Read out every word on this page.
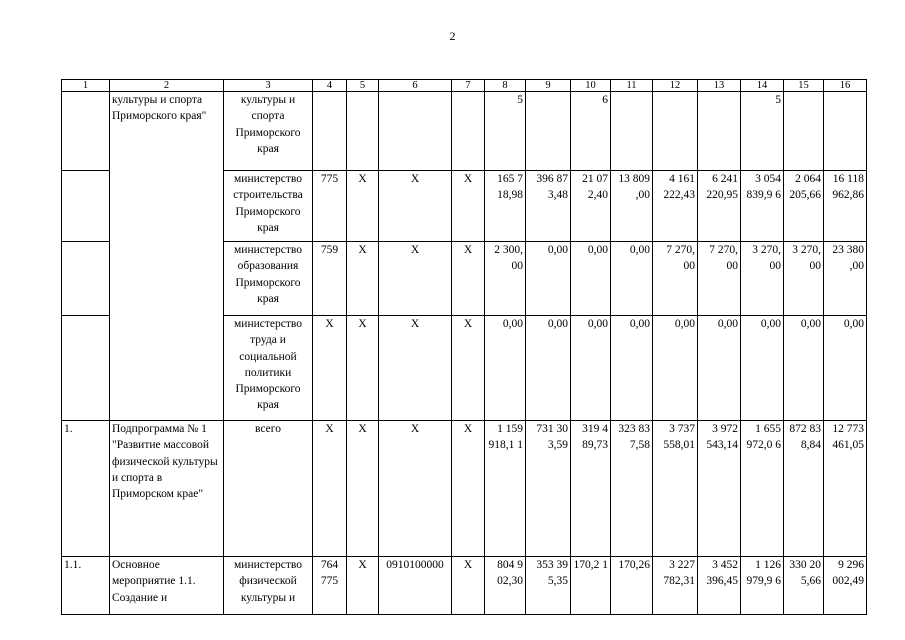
2
1	2	3	4	5	6	7	8	9	10	11	12	13	14	15	16
	культуры и спорта Приморского края"	культуры и спорта Приморского края					5		6				5		
		министерство строительства Приморского края	775	Х	Х	Х	165 7 18,98	396 87 3,48	21 07 2,40	13 809 ,00	4 161 222,43	6 241 220,95	3 054 839,9 6	2 064 205,66	16 118 962,86
		министерство образования Приморского края	759	Х	Х	Х	2 300, 00	0,00	0,00	0,00	7 270, 00	7 270, 00	3 270, 00	3 270, 00	23 380 ,00
		министерство труда и социальной политики Приморского края	Х	Х	Х	Х	0,00	0,00	0,00	0,00	0,00	0,00	0,00	0,00	0,00
1.	Подпрограмма № 1 "Развитие массовой физической культуры и спорта в Приморском крае"	всего	Х	Х	Х	Х	1 159 918,1 1	731 30 3,59	319 4 89,73	323 83 7,58	3 737 558,01	3 972 543,14	1 655 972,0 6	872 83 8,84	12 773 461,05
1.1.	Основное мероприятие 1.1. Создание и	министерство физической культуры и	764 775	Х	0910100000	Х	804 9 02,30	353 39 5,35	170,2 1	170,26	3 227 782,31	3 452 396,45	1 126 979,9 6	330 20 5,66	9 296 002,49
